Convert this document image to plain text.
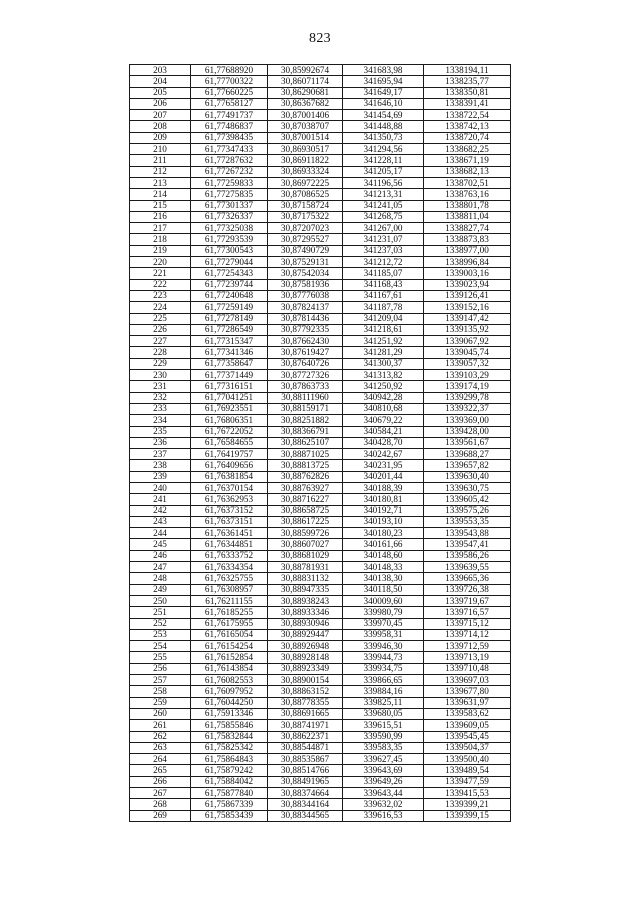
823
203	61,77688920	30,85992674	341683,98	1338194,11
204	61,77700322	30,86071174	341695,94	1338235,77
205	61,77660225	30,86290681	341649,17	1338350,81
206	61,77658127	30,86367682	341646,10	1338391,41
207	61,77491737	30,87001406	341454,69	1338722,54
208	61,77486837	30,87038707	341448,88	1338742,13
209	61,77398435	30,87001514	341350,73	1338720,74
210	61,77347433	30,86930517	341294,56	1338682,25
211	61,77287632	30,86911822	341228,11	1338671,19
212	61,77267232	30,86933324	341205,17	1338682,13
213	61,77259833	30,86972225	341196,56	1338702,51
214	61,77275835	30,87086525	341213,31	1338763,16
215	61,77301337	30,87158724	341241,05	1338801,78
216	61,77326337	30,87175322	341268,75	1338811,04
217	61,77325038	30,87207023	341267,00	1338827,74
218	61,77293539	30,87295527	341231,07	1338873,83
219	61,77300543	30,87490729	341237,03	1338977,00
220	61,77279044	30,87529131	341212,72	1338996,84
221	61,77254343	30,87542034	341185,07	1339003,16
222	61,77239744	30,87581936	341168,43	1339023,94
223	61,77240648	30,87776038	341167,61	1339126,41
224	61,77259149	30,87824137	341187,78	1339152,16
225	61,77278149	30,87814436	341209,04	1339147,42
226	61,77286549	30,87792335	341218,61	1339135,92
227	61,77315347	30,87662430	341251,92	1339067,92
228	61,77341346	30,87619427	341281,29	1339045,74
229	61,77358647	30,87640726	341300,37	1339057,32
230	61,77371449	30,87727326	341313,82	1339103,29
231	61,77316151	30,87863733	341250,92	1339174,19
232	61,77041251	30,88111960	340942,28	1339299,78
233	61,76923551	30,88159171	340810,68	1339322,37
234	61,76806351	30,88251882	340679,22	1339369,00
235	61,76722052	30,88366791	340584,21	1339428,00
236	61,76584655	30,88625107	340428,70	1339561,67
237	61,76419757	30,88871025	340242,67	1339688,27
238	61,76409656	30,88813725	340231,95	1339657,82
239	61,76381854	30,88762826	340201,44	1339630,40
240	61,76370154	30,88763927	340188,39	1339630,75
241	61,76362953	30,88716227	340180,81	1339605,42
242	61,76373152	30,88658725	340192,71	1339575,26
243	61,76373151	30,88617225	340193,10	1339553,35
244	61,76361451	30,88599726	340180,23	1339543,88
245	61,76344851	30,88607027	340161,66	1339547,41
246	61,76333752	30,88681029	340148,60	1339586,26
247	61,76334354	30,88781931	340148,33	1339639,55
248	61,76325755	30,88831132	340138,30	1339665,36
249	61,76308957	30,88947335	340118,50	1339726,38
250	61,76211155	30,88938243	340009,60	1339719,67
251	61,76185255	30,88933346	339980,79	1339716,57
252	61,76175955	30,88930946	339970,45	1339715,12
253	61,76165054	30,88929447	339958,31	1339714,12
254	61,76154254	30,88926948	339946,30	1339712,59
255	61,76152854	30,88928148	339944,73	1339713,19
256	61,76143854	30,88923349	339934,75	1339710,48
257	61,76082553	30,88900154	339866,65	1339697,03
258	61,76097952	30,88863152	339884,16	1339677,80
259	61,76044250	30,88778355	339825,11	1339631,97
260	61,75913346	30,88691665	339680,05	1339583,62
261	61,75855846	30,88741971	339615,51	1339609,05
262	61,75832844	30,88622371	339590,99	1339545,45
263	61,75825342	30,88544871	339583,35	1339504,37
264	61,75864843	30,88535867	339627,45	1339500,40
265	61,75879242	30,88514766	339643,69	1339489,54
266	61,75884042	30,88491965	339649,26	1339477,59
267	61,75877840	30,88374664	339643,44	1339415,53
268	61,75867339	30,88344164	339632,02	1339399,21
269	61,75853439	30,88344565	339616,53	1339399,15
